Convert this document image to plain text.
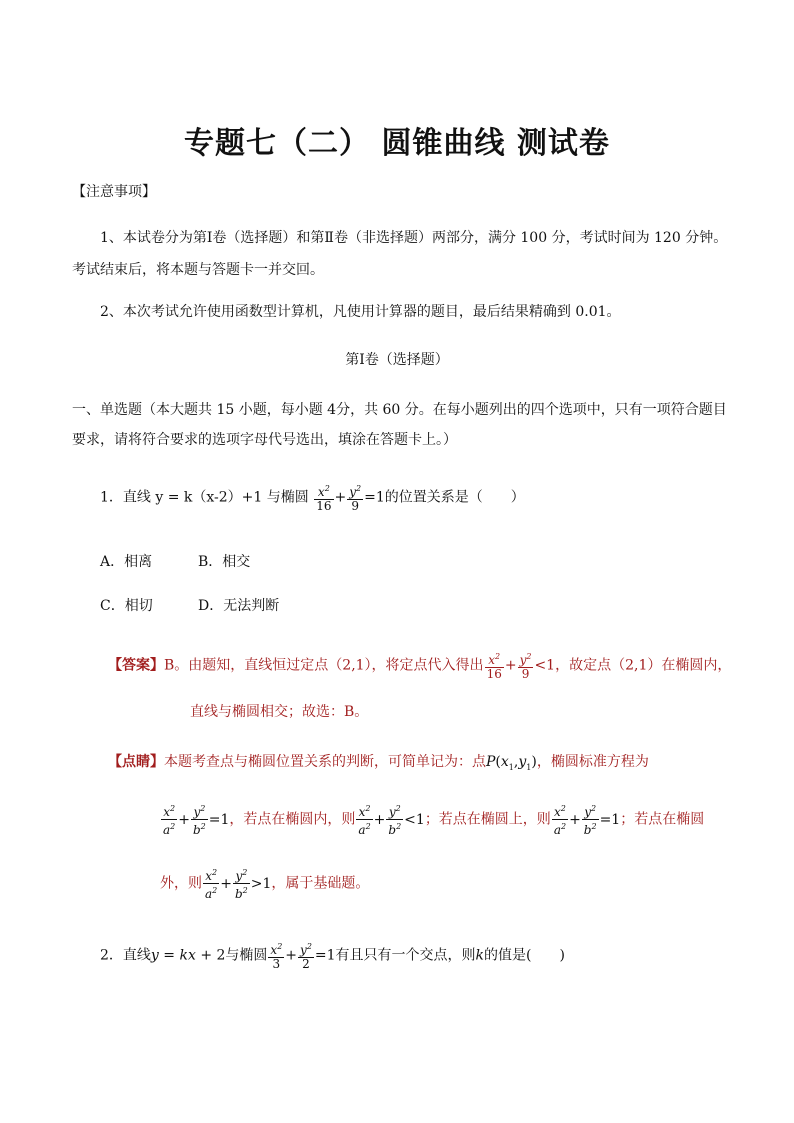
专题七（二） 圆锥曲线 测试卷
【注意事项】
1、本试卷分为第Ⅰ卷（选择题）和第Ⅱ卷（非选择题）两部分，满分 100 分，考试时间为 120 分钟。
考试结束后，将本题与答题卡一并交回。
2、本次考试允许使用函数型计算机，凡使用计算器的题目，最后结果精确到 0.01。
第Ⅰ卷（选择题）
一、单选题（本大题共 15 小题，每小题 4分，共 60 分。在每小题列出的四个选项中，只有一项符合题目
要求，请将符合要求的选项字母代号选出，填涂在答题卡上。）
1．直线 y = k（x-2）+1 与椭圆 $\frac{x^2}{16} + \frac{y^2}{9} =1$的位置关系是（　　）
A．相离	B．相交
C．相切	D．无法判断
【答案】B。由题知，直线恒过定点（2,1），将定点代入得出 $\frac{x^2}{16} + \frac{y^2}{9} <1$，故定点（2,1）在椭圆内，
直线与椭圆相交；故选：B。
【点睛】本题考查点与椭圆位置关系的判断，可简单记为：点$P(x_1,y_1)$，椭圆标准方程为
$\frac{x^2}{a^2} + \frac{y^2}{b^2} =1$，若点在椭圆内，则 $\frac{x^2}{a^2} + \frac{y^2}{b^2} <1$；若点在椭圆上，则 $\frac{x^2}{a^2} + \frac{y^2}{b^2} =1$；若点在椭圆
外，则 $\frac{x^2}{a^2} + \frac{y^2}{b^2} >1$，属于基础题。
2．直线y = kx + 2与椭圆 $\frac{x^2}{3} + \frac{y^2}{2} =1$有且只有一个交点，则k的值是(　　)
